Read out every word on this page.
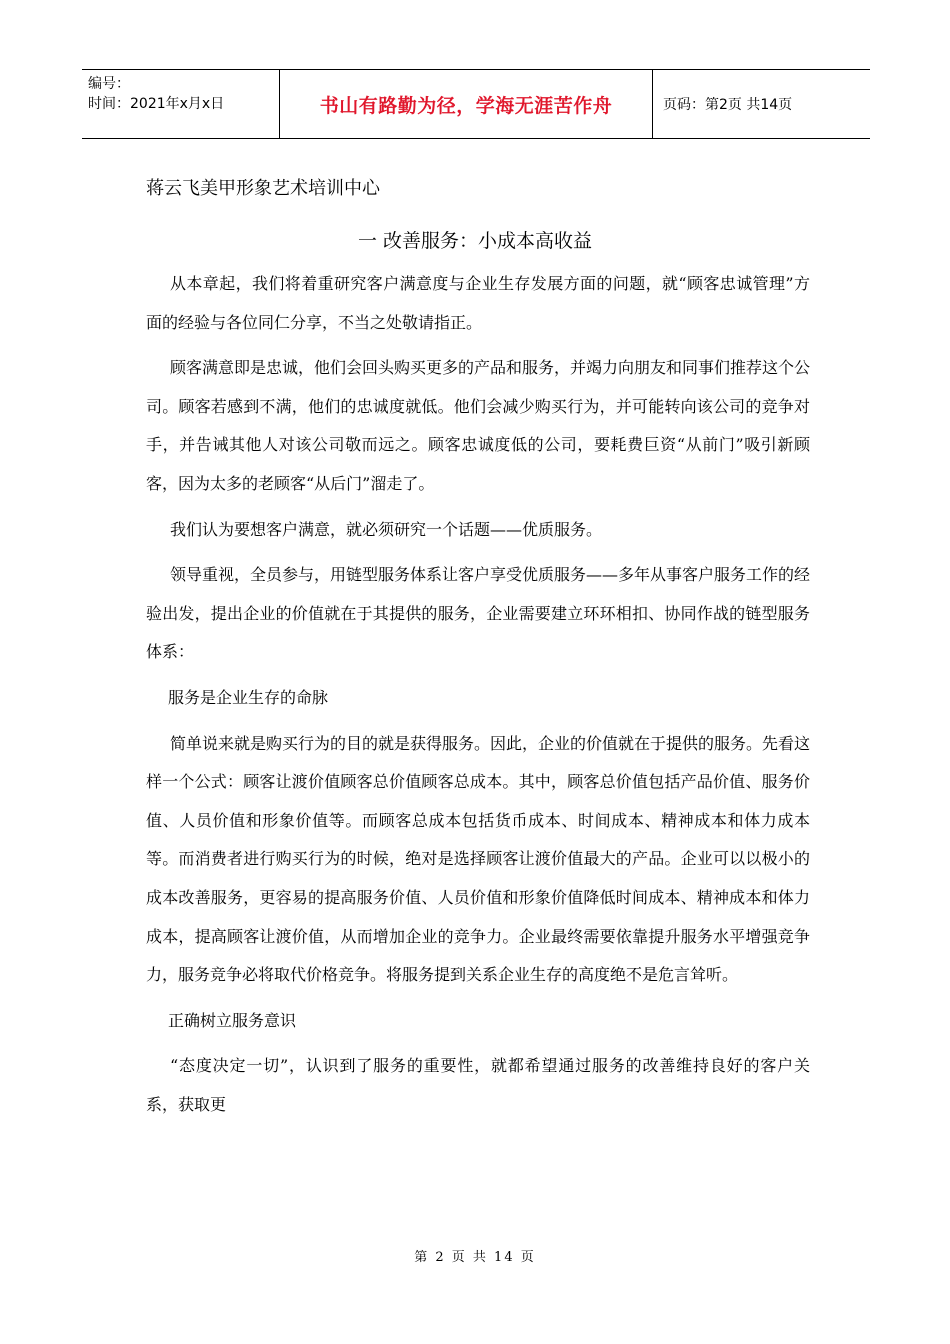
编号：
时间：2021年x月x日	书山有路勤为径，学海无涯苦作舟	页码：第2页 共14页
蒋云飞美甲形象艺术培训中心
一 改善服务：小成本高收益

从本章起，我们将着重研究客户满意度与企业生存发展方面的问题，就“顾客忠诚管理”方面的经验与各位同仁分享，不当之处敬请指正。

顾客满意即是忠诚，他们会回头购买更多的产品和服务，并竭力向朋友和同事们推荐这个公司。顾客若感到不满，他们的忠诚度就低。他们会减少购买行为，并可能转向该公司的竞争对手，并告诫其他人对该公司敬而远之。顾客忠诚度低的公司，要耗费巨资“从前门”吸引新顾客，因为太多的老顾客“从后门”溜走了。

我们认为要想客户满意，就必须研究一个话题——优质服务。

领导重视，全员参与，用链型服务体系让客户享受优质服务——多年从事客户服务工作的经验出发，提出企业的价值就在于其提供的服务，企业需要建立环环相扣、协同作战的链型服务体系：

服务是企业生存的命脉

简单说来就是购买行为的目的就是获得服务。因此，企业的价值就在于提供的服务。先看这样一个公式：顾客让渡价值顾客总价值顾客总成本。其中，顾客总价值包括产品价值、服务价值、人员价值和形象价值等。而顾客总成本包括货币成本、时间成本、精神成本和体力成本等。而消费者进行购买行为的时候，绝对是选择顾客让渡价值最大的产品。企业可以以极小的成本改善服务，更容易的提高服务价值、人员价值和形象价值降低时间成本、精神成本和体力成本，提高顾客让渡价值，从而增加企业的竞争力。企业最终需要依靠提升服务水平增强竞争力，服务竞争必将取代价格竞争。将服务提到关系企业生存的高度绝不是危言耸听。

正确树立服务意识

“态度决定一切”，认识到了服务的重要性，就都希望通过服务的改善维持良好的客户关系，获取更

第 2 页 共 14 页
